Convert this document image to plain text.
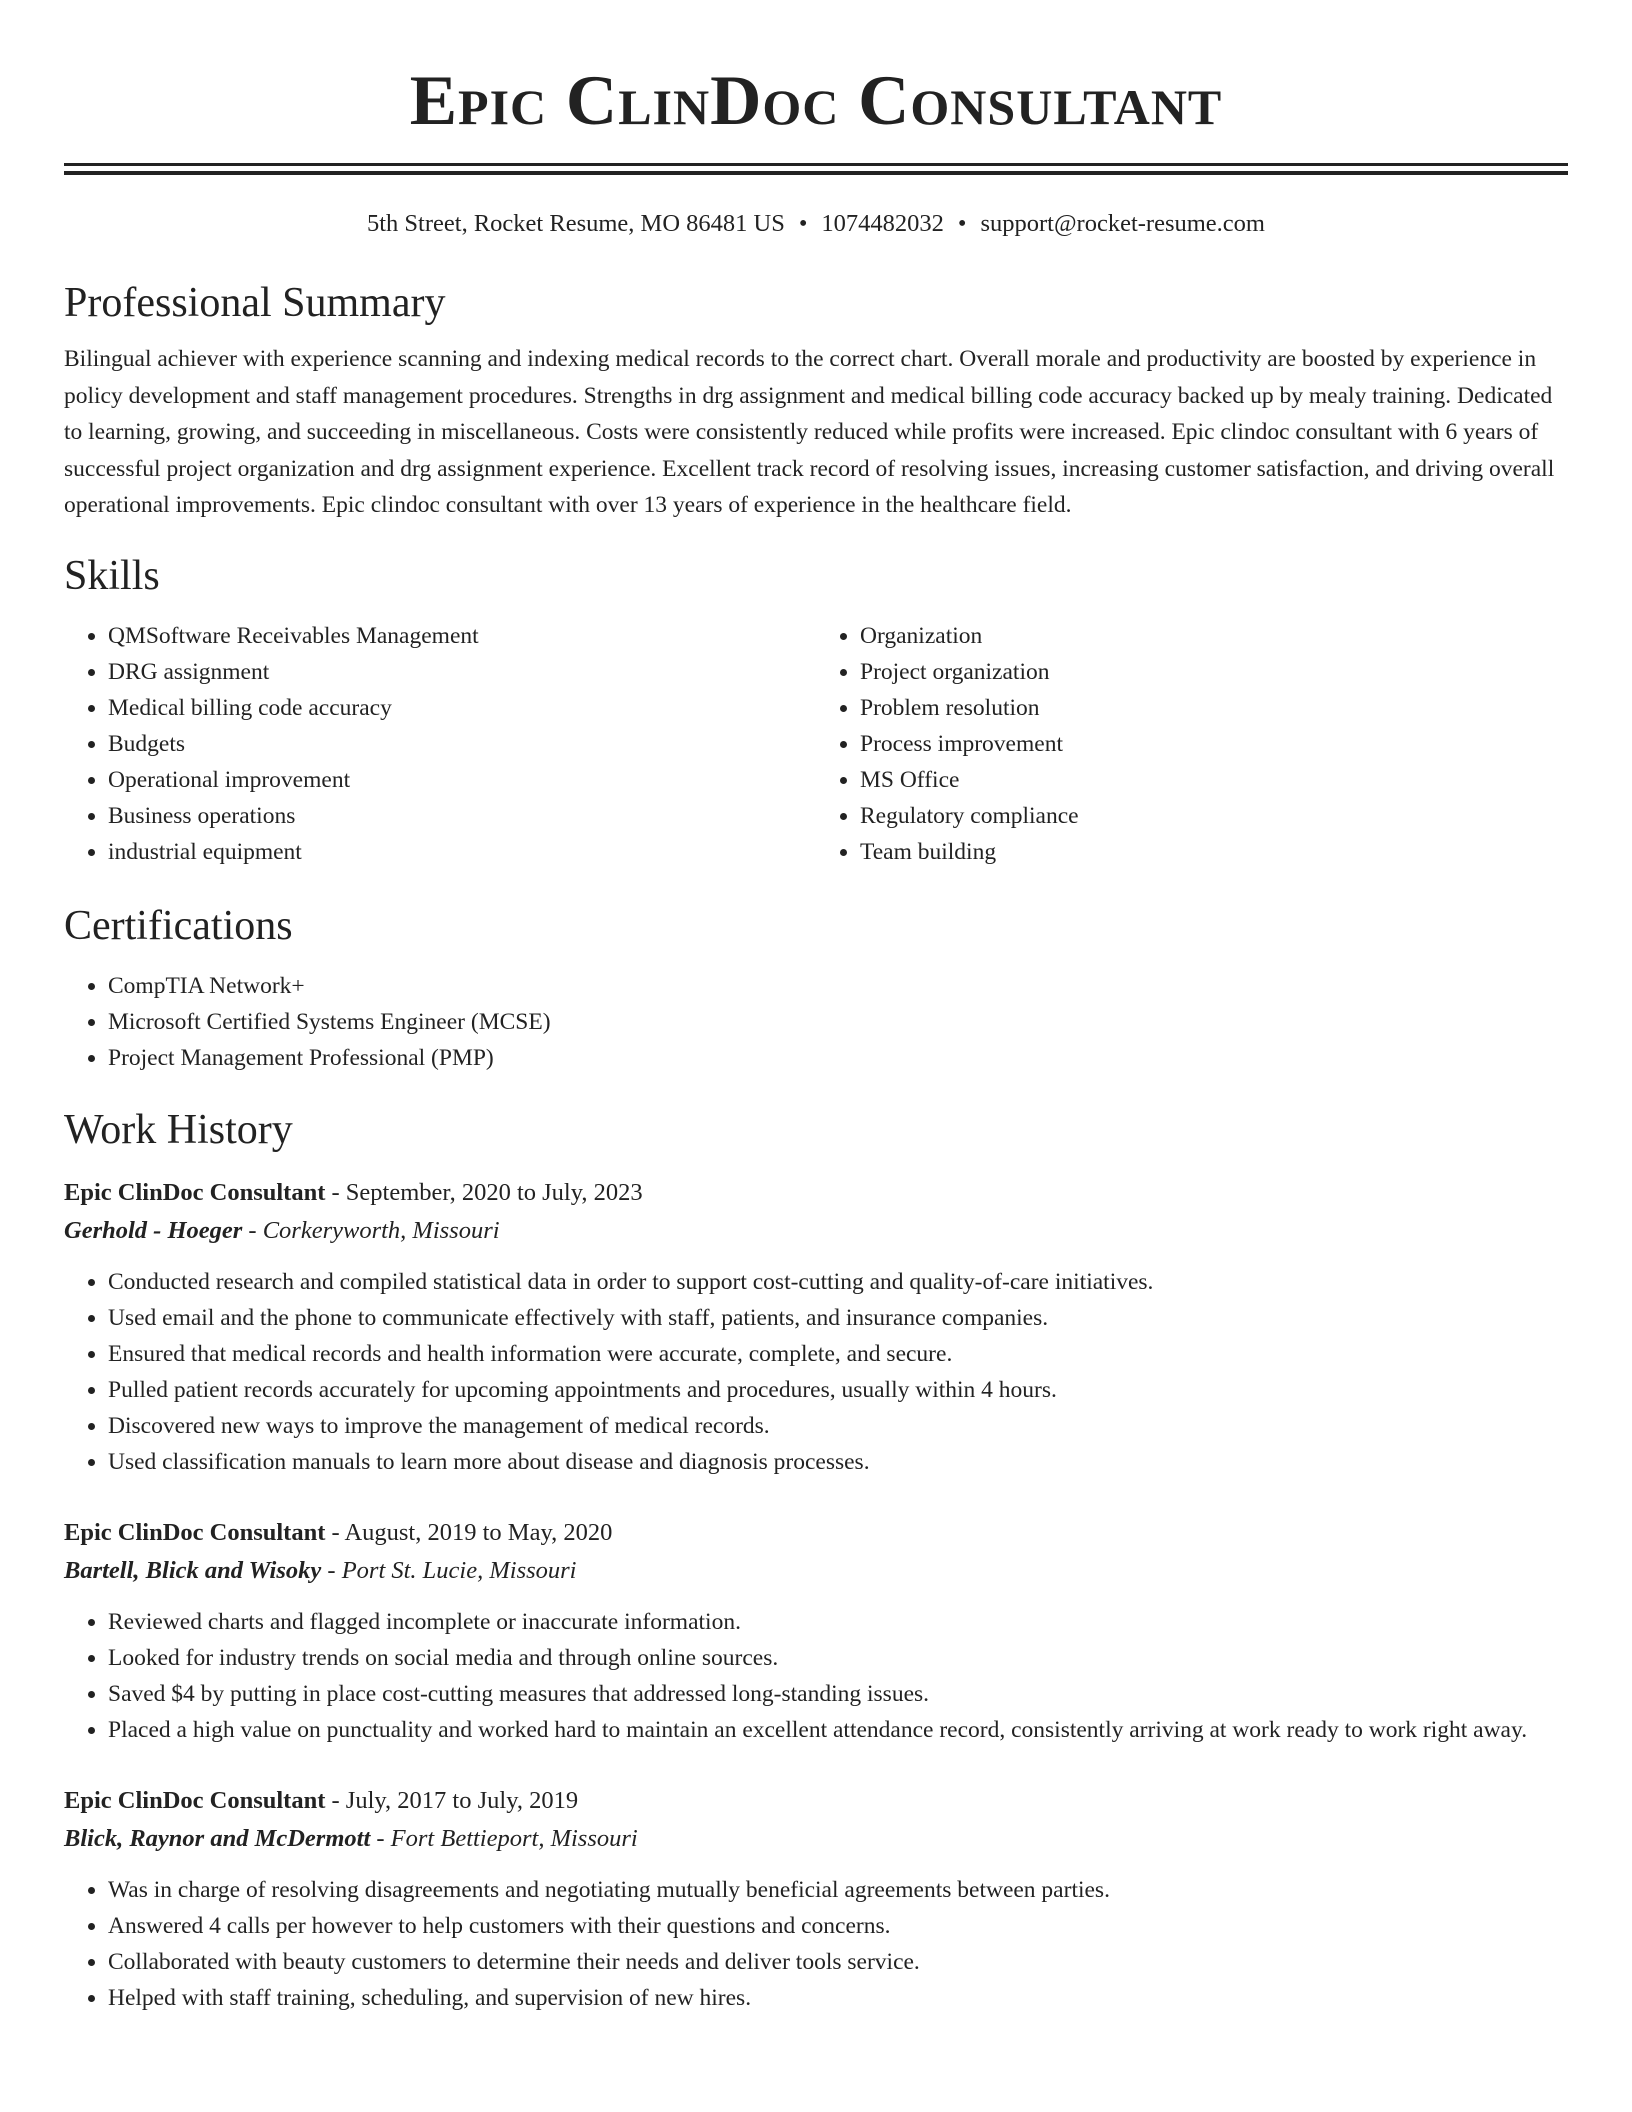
Epic ClinDoc Consultant
5th Street, Rocket Resume, MO 86481 US • 1074482032 • support@rocket-resume.com
Professional Summary

Bilingual achiever with experience scanning and indexing medical records to the correct chart. Overall morale and productivity are boosted by experience in policy development and staff management procedures. Strengths in drg assignment and medical billing code accuracy backed up by mealy training. Dedicated to learning, growing, and succeeding in miscellaneous. Costs were consistently reduced while profits were increased. Epic clindoc consultant with 6 years of successful project organization and drg assignment experience. Excellent track record of resolving issues, increasing customer satisfaction, and driving overall operational improvements. Epic clindoc consultant with over 13 years of experience in the healthcare field.

Skills
• QMSoftware Receivables Management
• DRG assignment
• Medical billing code accuracy
• Budgets
• Operational improvement
• Business operations
• industrial equipment
• Organization
• Project organization
• Problem resolution
• Process improvement
• MS Office
• Regulatory compliance
• Team building
Certifications
• CompTIA Network+
• Microsoft Certified Systems Engineer (MCSE)
• Project Management Professional (PMP)
Work History
Epic ClinDoc Consultant - September, 2020 to July, 2023
Gerhold - Hoeger - Corkeryworth, Missouri
• Conducted research and compiled statistical data in order to support cost-cutting and quality-of-care initiatives.
• Used email and the phone to communicate effectively with staff, patients, and insurance companies.
• Ensured that medical records and health information were accurate, complete, and secure.
• Pulled patient records accurately for upcoming appointments and procedures, usually within 4 hours.
• Discovered new ways to improve the management of medical records.
• Used classification manuals to learn more about disease and diagnosis processes.
Epic ClinDoc Consultant - August, 2019 to May, 2020
Bartell, Blick and Wisoky - Port St. Lucie, Missouri
• Reviewed charts and flagged incomplete or inaccurate information.
• Looked for industry trends on social media and through online sources.
• Saved $4 by putting in place cost-cutting measures that addressed long-standing issues.
• Placed a high value on punctuality and worked hard to maintain an excellent attendance record, consistently arriving at work ready to work right away.
Epic ClinDoc Consultant - July, 2017 to July, 2019
Blick, Raynor and McDermott - Fort Bettieport, Missouri
• Was in charge of resolving disagreements and negotiating mutually beneficial agreements between parties.
• Answered 4 calls per however to help customers with their questions and concerns.
• Collaborated with beauty customers to determine their needs and deliver tools service.
• Helped with staff training, scheduling, and supervision of new hires.
